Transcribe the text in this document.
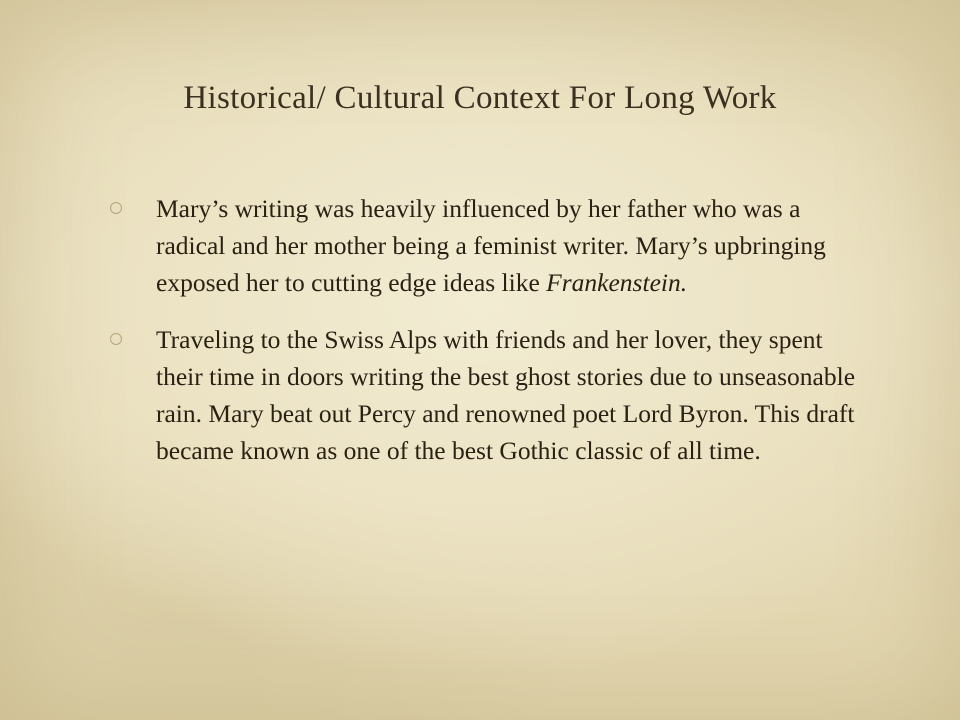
Historical/ Cultural Context For Long Work
Mary’s writing was heavily influenced by her father who was a radical and her mother being a feminist writer. Mary’s upbringing exposed her to cutting edge ideas like Frankenstein.
Traveling to the Swiss Alps with friends and her lover, they spent their time in doors writing the best ghost stories due to unseasonable rain. Mary beat out Percy and renowned poet Lord Byron. This draft became known as one of the best Gothic classic of all time.
